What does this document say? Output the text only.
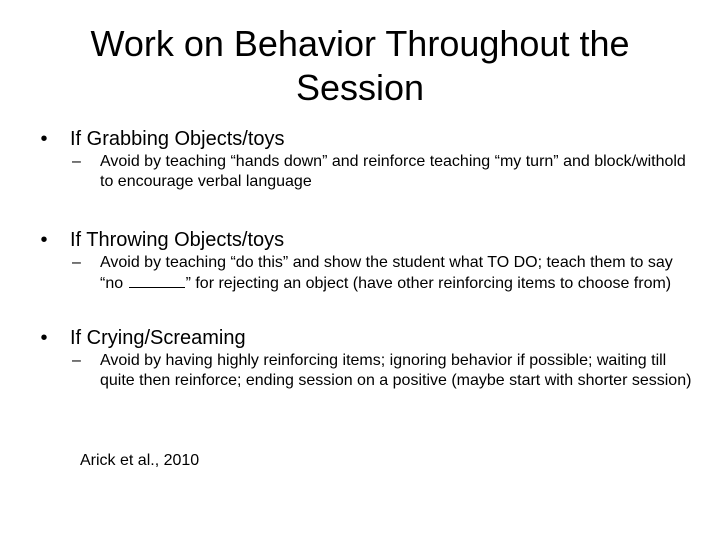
Work on Behavior Throughout the Session
•	If Grabbing Objects/toys
– Avoid by teaching “hands down” and reinforce teaching “my turn” and block/withold to encourage verbal language
•	If Throwing Objects/toys
– Avoid by teaching “do this” and show the student what TO DO; teach them to say “no	” for rejecting an object (have other reinforcing items to choose from)
•	If Crying/Screaming
– Avoid by having highly reinforcing items; ignoring behavior if possible; waiting till quite then reinforce; ending session on a positive (maybe start with shorter session)
Arick et al., 2010
